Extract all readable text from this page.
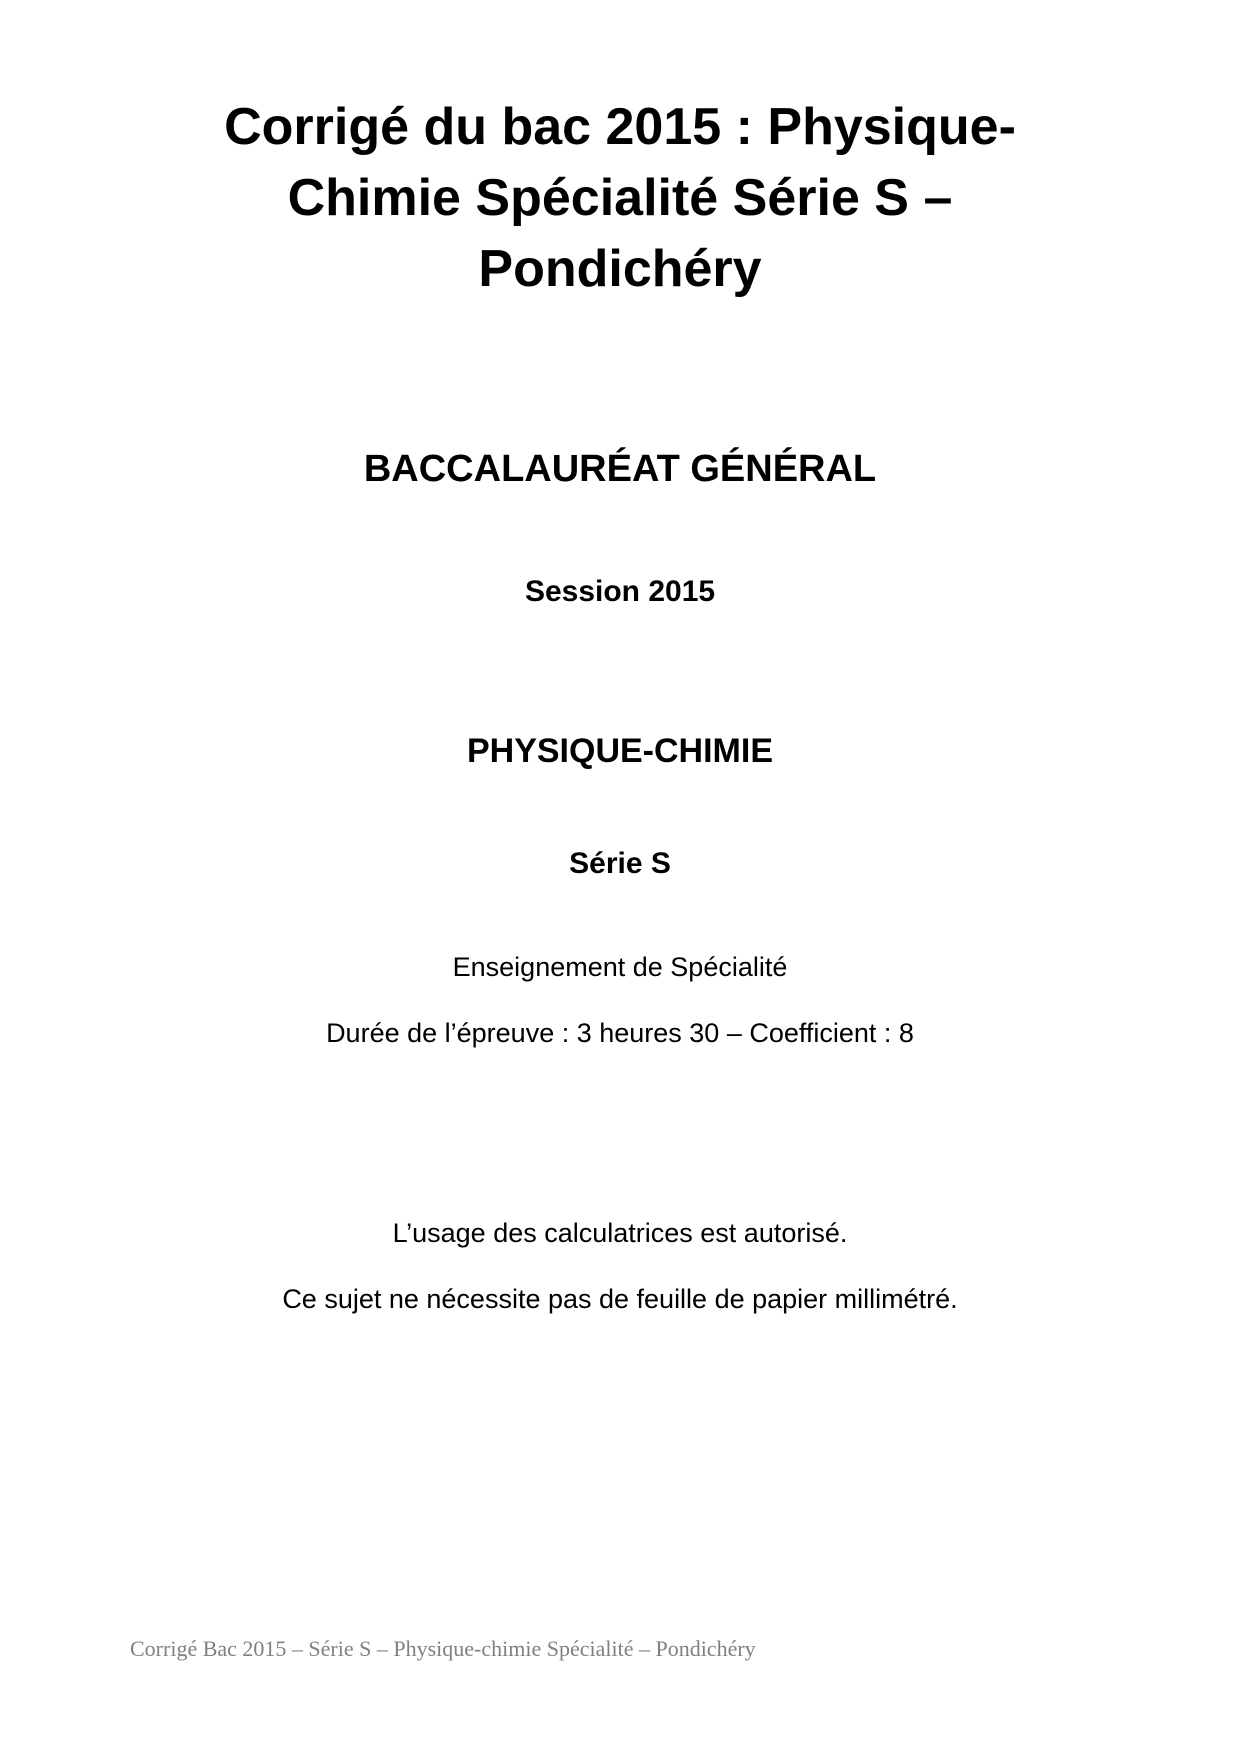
Corrigé du bac 2015 : Physique-
Chimie Spécialité Série S –
Pondichéry

BACCALAURÉAT GÉNÉRAL

Session 2015

PHYSIQUE-CHIMIE

Série S

Enseignement de Spécialité

Durée de l’épreuve : 3 heures 30 – Coefficient : 8

L’usage des calculatrices est autorisé.

Ce sujet ne nécessite pas de feuille de papier millimétré.

Corrigé Bac 2015 – Série S – Physique-chimie Spécialité – Pondichéry
